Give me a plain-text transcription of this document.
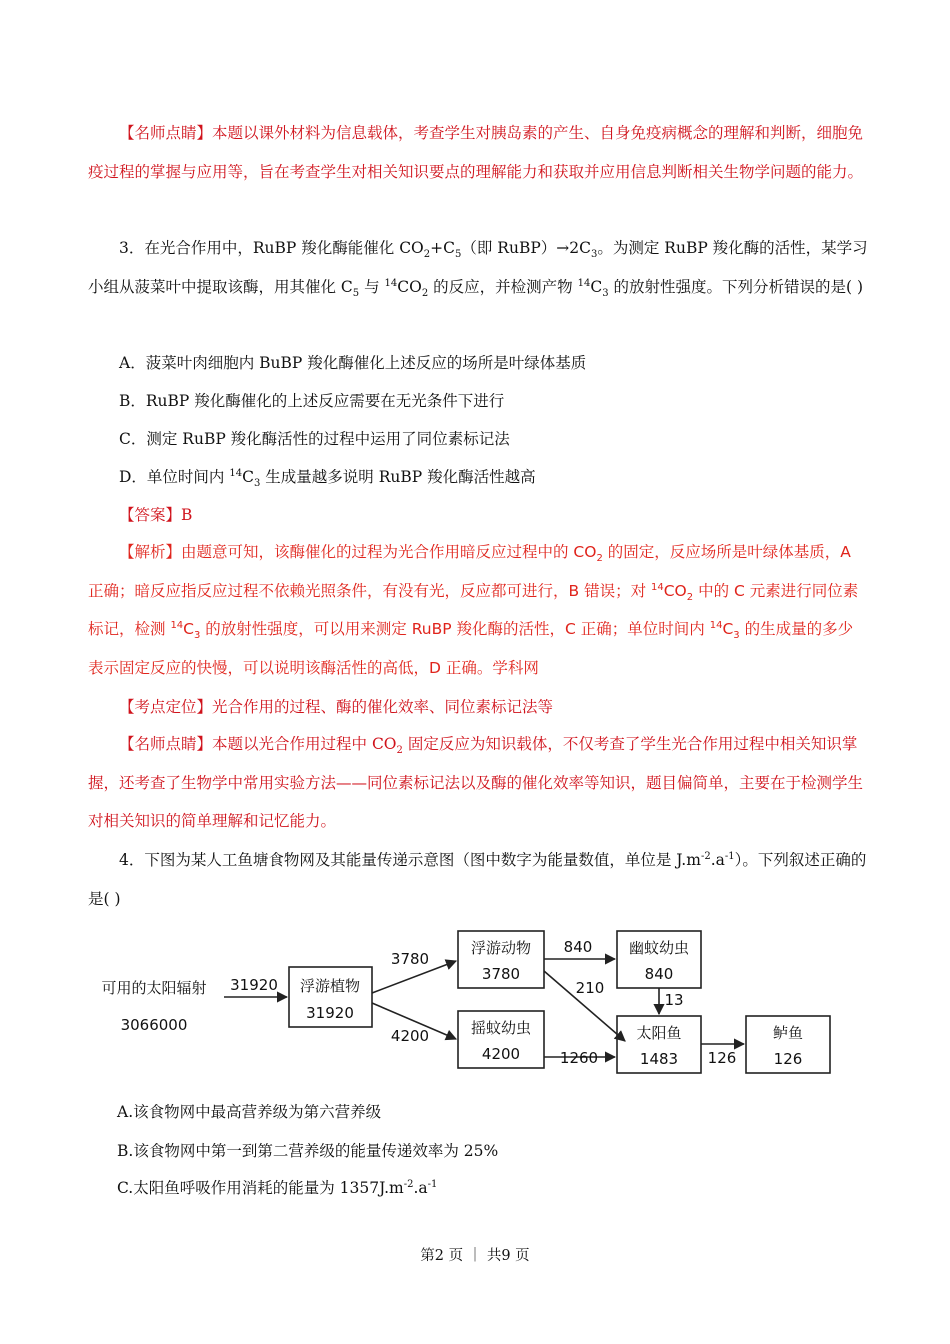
【名师点睛】本题以课外材料为信息载体，考查学生对胰岛素的产生、自身免疫病概念的理解和判断，细胞免疫过程的掌握与应用等，旨在考查学生对相关知识要点的理解能力和获取并应用信息判断相关生物学问题的能力。
3．在光合作用中，RuBP 羧化酶能催化 $CO_2+C_5$（即 $RuBP)\to 2C_3$。为测定 RuBP 羧化酶的活性，某学习小组从菠菜叶中提取该酶，用其催化 $C_5$ 与 $^{14}CO_2$ 的反应，并检测产物 $^{14}C_3$ 的放射性强度。下列分析错误的是( )
A．菠菜叶肉细胞内 BuBP 羧化酶催化上述反应的场所是叶绿体基质
B．RuBP 羧化酶催化的上述反应需要在无光条件下进行
C．测定 RuBP 羧化酶活性的过程中运用了同位素标记法
D．单位时间内 $^{14}C_3$ 生成量越多说明 RuBP 羧化酶活性越高
【答案】B
【解析】由题意可知，该酶催化的过程为光合作用暗反应过程中的 $CO_2$ 的固定，反应场所是叶绿体基质，A 正确；暗反应指反应过程不依赖光照条件，有没有光，反应都可进行，B 错误；对 $^{14}CO_2$ 中的 C 元素进行同位素标记，检测 $^{14}C_3$ 的放射性强度，可以用来测定 RuBP 羧化酶的活性，C 正确；单位时间内 $^{14}C_3$ 的生成量的多少表示固定反应的快慢，可以说明该酶活性的高低，D 正确。学科网
【考点定位】光合作用的过程、酶的催化效率、同位素标记法等
【名师点睛】本题以光合作用过程中 $CO_2$ 固定反应为知识载体，不仅考查了学生光合作用过程中相关知识掌握，还考查了生物学中常用实验方法——同位素标记法以及酶的催化效率等知识，题目偏简单，主要在于检测学生对相关知识的简单理解和记忆能力。
4．下图为某人工鱼塘食物网及其能量传递示意图（图中数字为能量数值，单位是 $J.m^{-2}.a^{-1}$）。下列叙述正确的是( )
可用的太阳辐射
3066000
31920 浮游植物
31920
3780
4200
浮游动物
3780
摇蚊幼虫
4200
840
210
1260
幽蚊幼虫
840
13
太阳鱼
1483 126
鲈鱼
126
A.该食物网中最高营养级为第六营养级
B.该食物网中第一到第二营养级的能量传递效率为 25%
C.太阳鱼呼吸作用消耗的能量为 $1357J.m^{-2}.a^{-1}$
第2 页 ｜ 共9 页
